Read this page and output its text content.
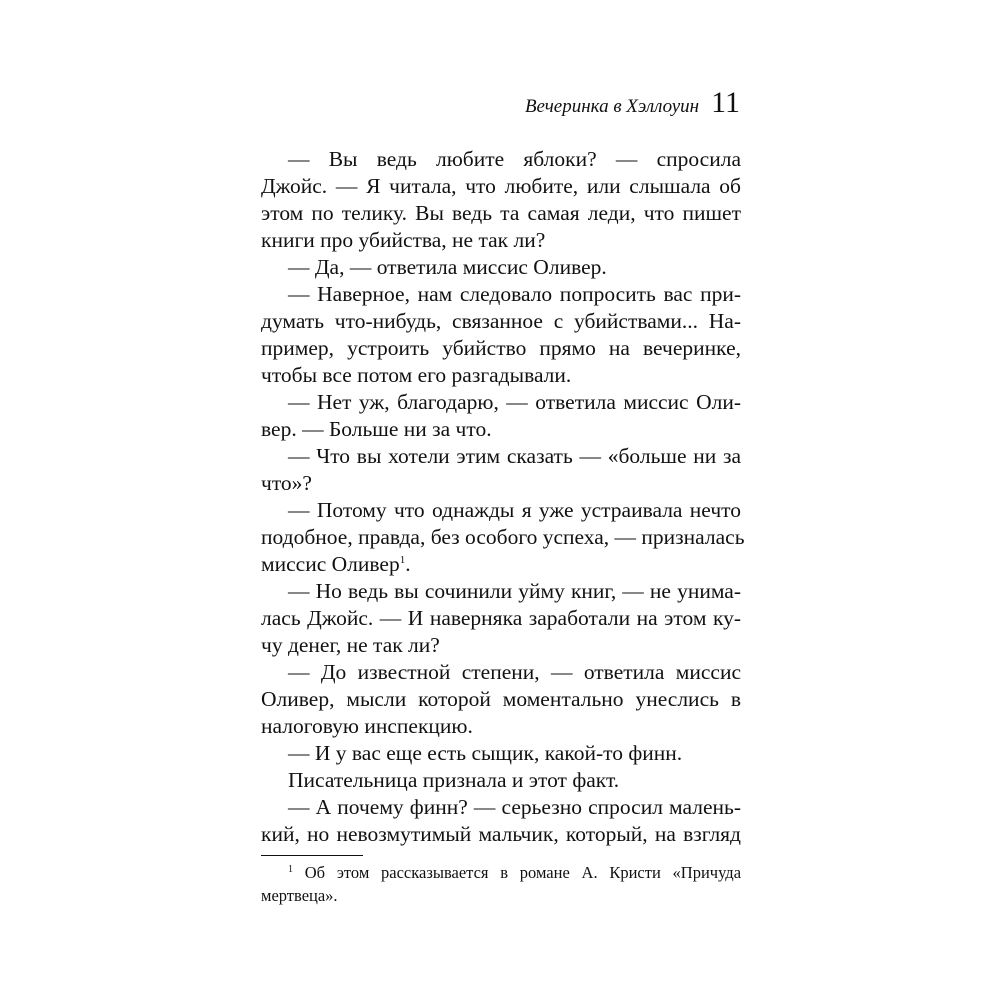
Вечеринка в Хэллоуин 11
— Вы ведь любите яблоки? — спросила
Джойс. — Я читала, что любите, или слышала об
этом по телику. Вы ведь та самая леди, что пишет
книги про убийства, не так ли?
— Да, — ответила миссис Оливер.
— Наверное, нам следовало попросить вас при-
думать что-нибудь, связанное с убийствами... На-
пример, устроить убийство прямо на вечеринке,
чтобы все потом его разгадывали.
— Нет уж, благодарю, — ответила миссис Оли-
вер. — Больше ни за что.
— Что вы хотели этим сказать — «больше ни за
что»?
— Потому что однажды я уже устраивала нечто
подобное, правда, без особого успеха, — призналась
миссис Оливер$^1$.
— Но ведь вы сочинили уйму книг, — не унима-
лась Джойс. — И наверняка заработали на этом ку-
чу денег, не так ли?
— До известной степени, — ответила миссис
Оливер, мысли которой моментально унеслись в
налоговую инспекцию.
— И у вас еще есть сыщик, какой-то финн.
Писательница признала и этот факт.
— А почему финн? — серьезно спросил малень-
кий, но невозмутимый мальчик, который, на взгляд
$^1$ Об этом рассказывается в романе А. Кристи «Причуда
мертвеца».
